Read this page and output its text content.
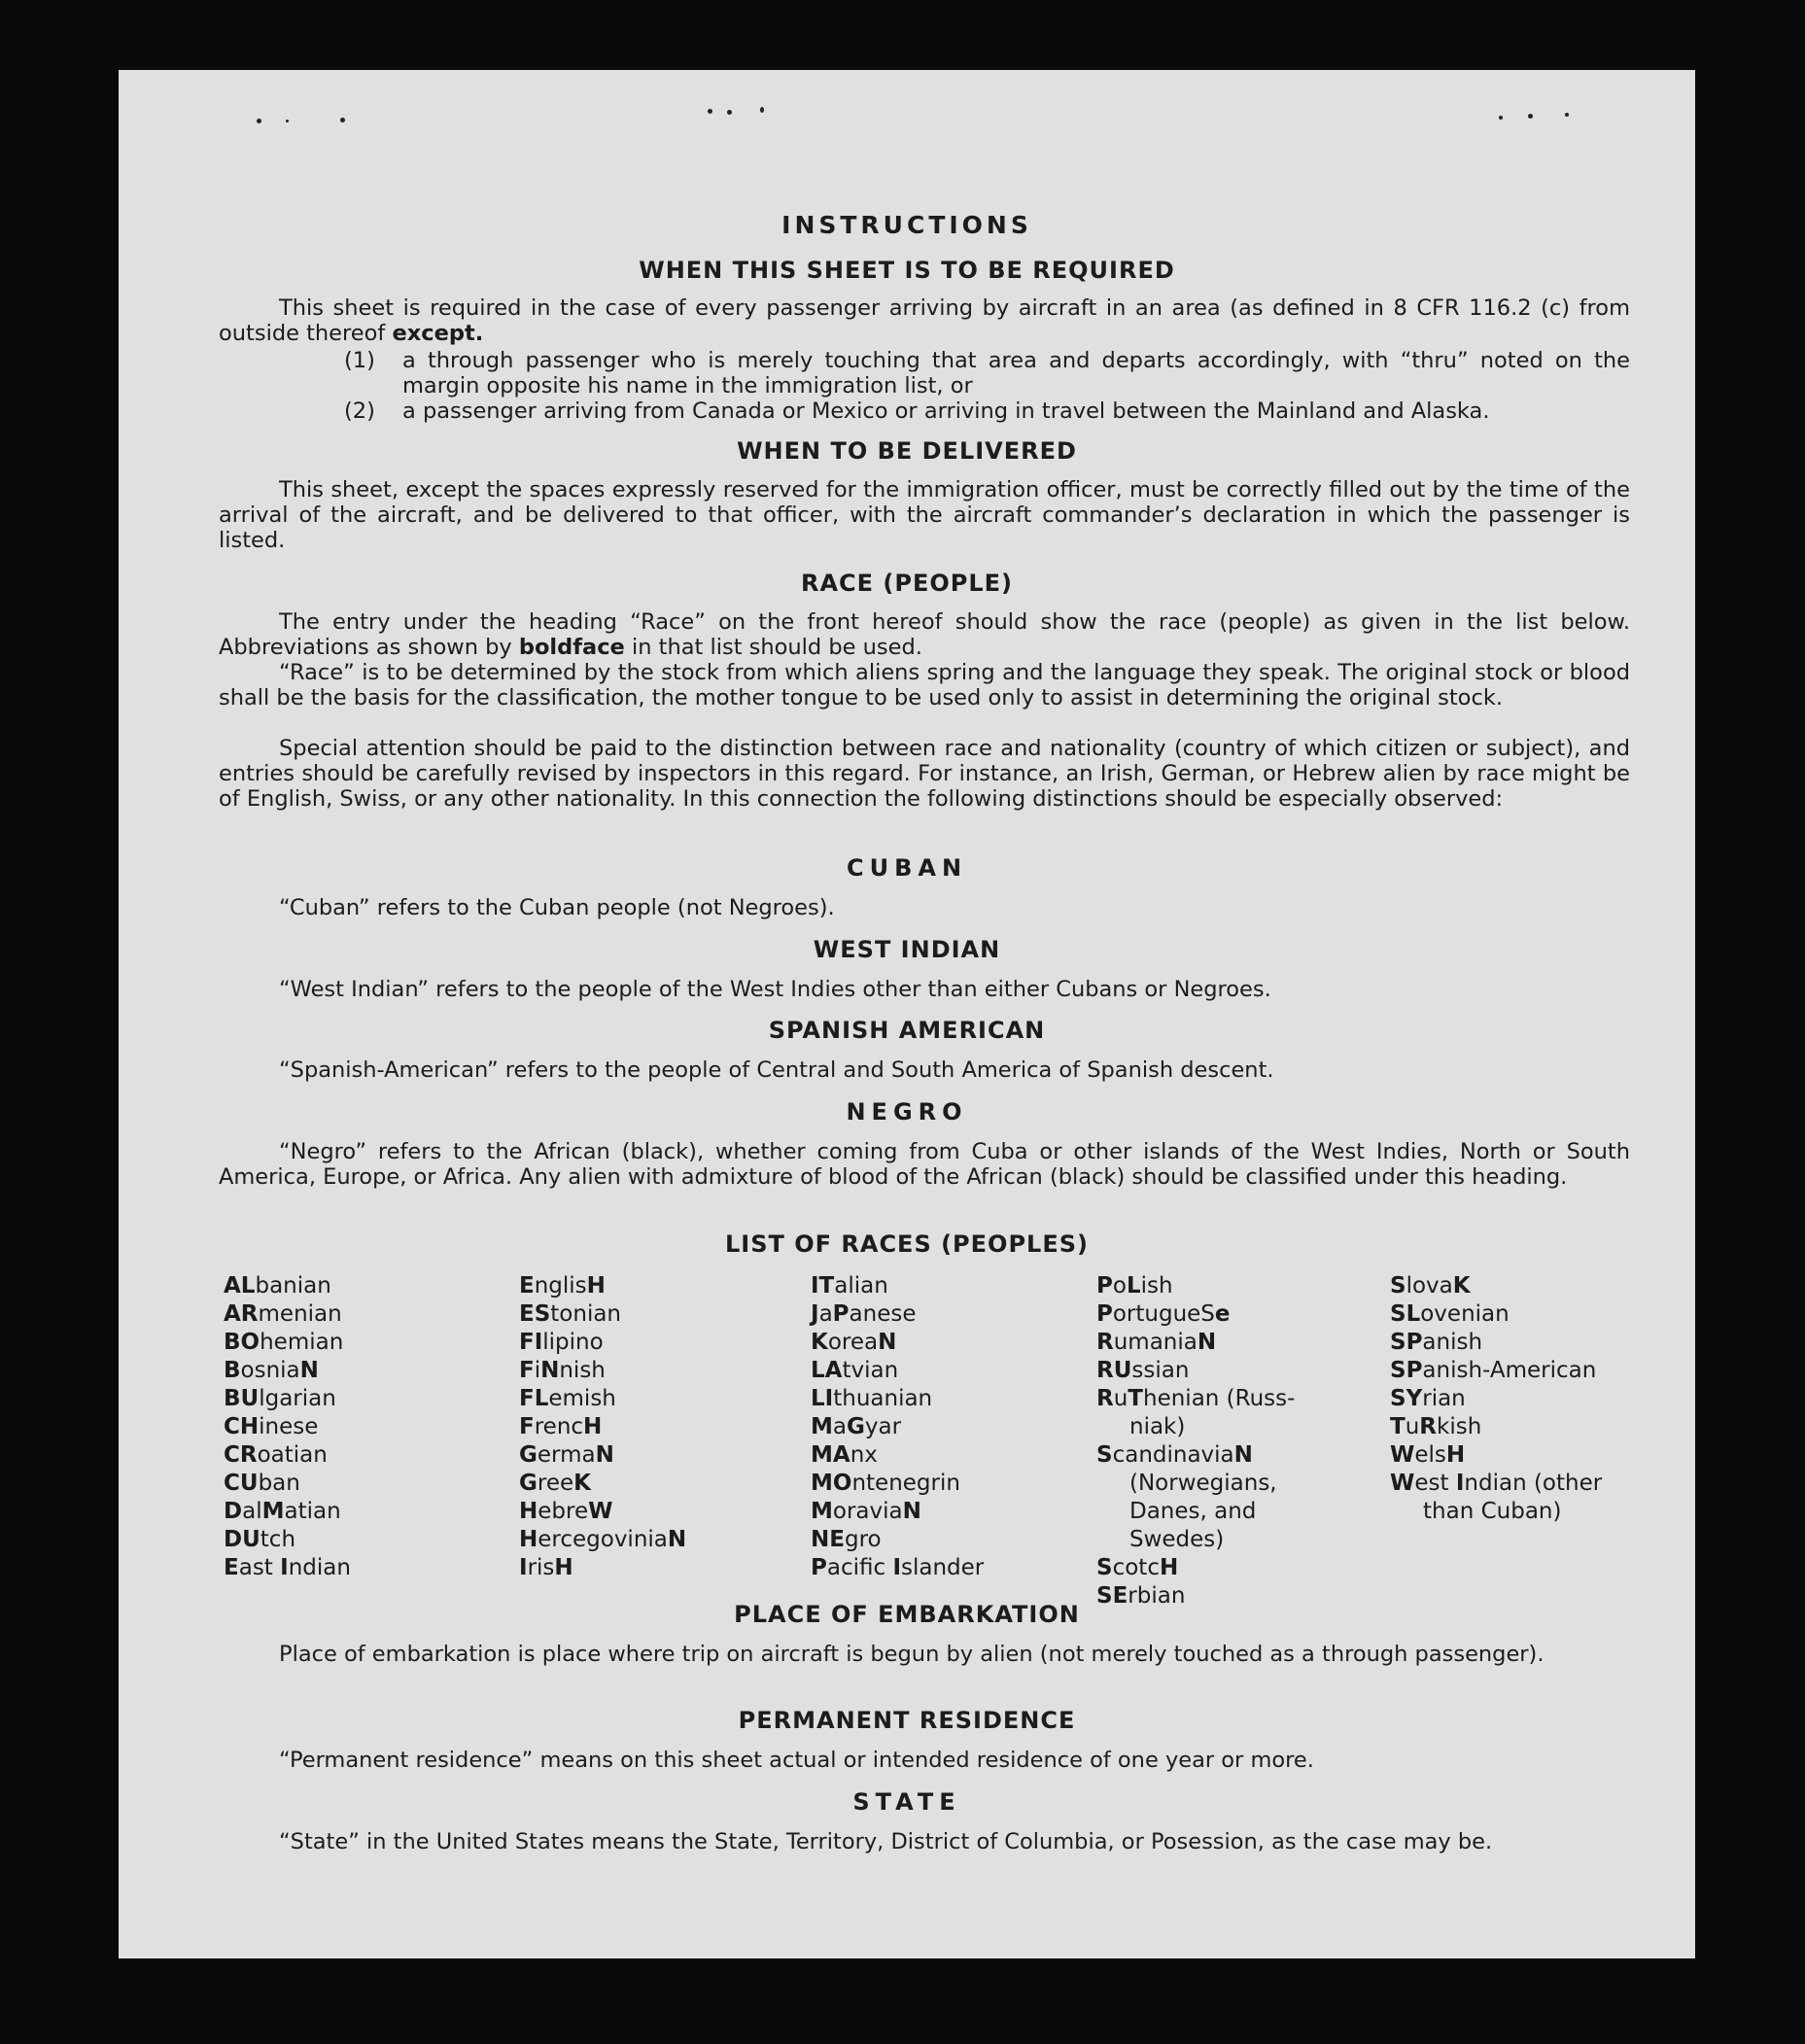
INSTRUCTIONS
WHEN THIS SHEET IS TO BE REQUIRED
This sheet is required in the case of every passenger arriving by aircraft in an area (as defined in 8 CFR 116.2 (c) from outside thereof except.
(1) a through passenger who is merely touching that area and departs accordingly, with “thru” noted on the margin opposite his name in the immigration list, or
(2) a passenger arriving from Canada or Mexico or arriving in travel between the Mainland and Alaska.
WHEN TO BE DELIVERED
This sheet, except the spaces expressly reserved for the immigration officer, must be correctly filled out by the time of the arrival of the aircraft, and be delivered to that officer, with the aircraft commander’s declaration in which the passenger is listed.
RACE (PEOPLE)
The entry under the heading “Race” on the front hereof should show the race (people) as given in the list below. Abbreviations as shown by boldface in that list should be used.
“Race” is to be determined by the stock from which aliens spring and the language they speak. The original stock or blood shall be the basis for the classification, the mother tongue to be used only to assist in determining the original stock.
Special attention should be paid to the distinction between race and nationality (country of which citizen or subject), and entries should be carefully revised by inspectors in this regard. For instance, an Irish, German, or Hebrew alien by race might be of English, Swiss, or any other nationality. In this connection the following distinctions should be especially observed:
CUBAN
“Cuban” refers to the Cuban people (not Negroes).
WEST INDIAN
“West Indian” refers to the people of the West Indies other than either Cubans or Negroes.
SPANISH AMERICAN
“Spanish-American” refers to the people of Central and South America of Spanish descent.
NEGRO
“Negro” refers to the African (black), whether coming from Cuba or other islands of the West Indies, North or South America, Europe, or Africa. Any alien with admixture of blood of the African (black) should be classified under this heading.
LIST OF RACES (PEOPLES)
ALbanian
ARmenian
BOhemian
BosniaN
BUlgarian
CHinese
CRoatian
CUban
DalMatian
DUtch
East Indian
EnglisH
EStonian
FIlipino
FiNnish
FLemish
FrencH
GermaN
GreeK
HebreW
HercegoviniaN
IrisH
ITalian
JaPanese
KoreaN
LAtvian
LIthuanian
MaGyar
MAnx
MOntenegrin
MoraviaN
NEgro
Pacific Islander
PoLish
PortugueSe
RumaniaN
RUssian
RuThenian (Russ-
niak)
ScandinaviaN
(Norwegians,
Danes, and
Swedes)
ScotcH
SErbian
SlovaK
SLovenian
SPanish
SPanish-American
SYrian
TuRkish
WelsH
West Indian (other
than Cuban)
PLACE OF EMBARKATION
Place of embarkation is place where trip on aircraft is begun by alien (not merely touched as a through passenger).
PERMANENT RESIDENCE
“Permanent residence” means on this sheet actual or intended residence of one year or more.
STATE
“State” in the United States means the State, Territory, District of Columbia, or Posession, as the case may be.
